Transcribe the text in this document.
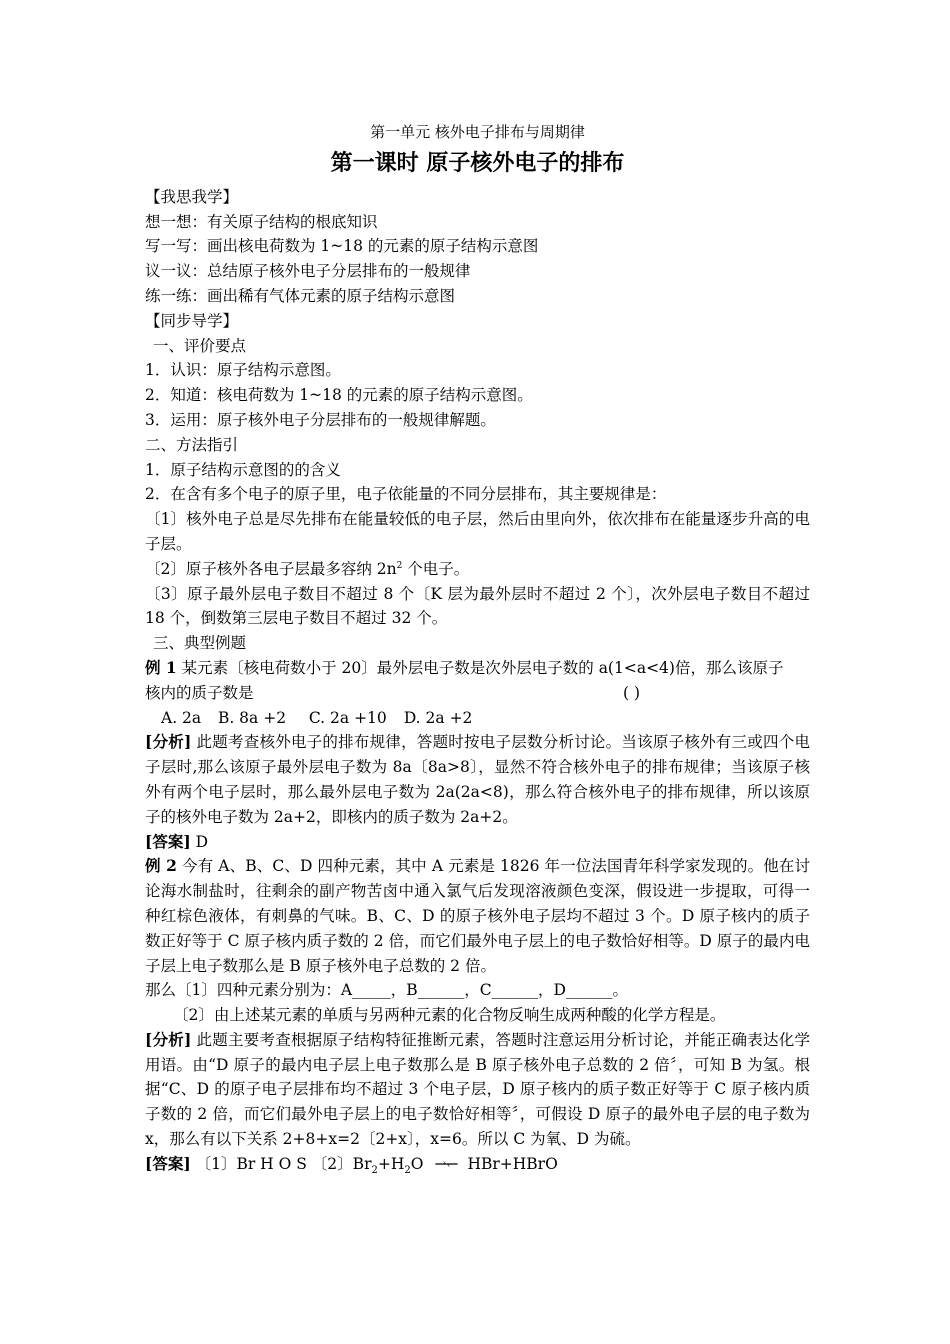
第一单元 核外电子排布与周期律
第一课时 原子核外电子的排布
【我思我学】
想一想：有关原子结构的根底知识
写一写：画出核电荷数为 1~18 的元素的原子结构示意图
议一议：总结原子核外电子分层排布的一般规律
练一练：画出稀有气体元素的原子结构示意图
【同步导学】
一、评价要点
1．认识：原子结构示意图。
2．知道：核电荷数为 1~18 的元素的原子结构示意图。
3．运用：原子核外电子分层排布的一般规律解题。
二、方法指引
1．原子结构示意图的的含义
2．在含有多个电子的原子里，电子依能量的不同分层排布，其主要规律是：
〔1〕核外电子总是尽先排布在能量较低的电子层，然后由里向外，依次排布在能量逐步升高的电子层。
〔2〕原子核外各电子层最多容纳 $2n^2$ 个电子。
〔3〕原子最外层电子数目不超过 8 个〔K 层为最外层时不超过 2 个〕，次外层电子数目不超过 18 个，倒数第三层电子数目不超过 32 个。
三、典型例题
例 1 某元素〔核电荷数小于 20〕最外层电子数是次外层电子数的 a(1<a<4)倍，那么该原子
核内的质子数是	( )
A. 2a B. 8a +2 C. 2a +10 D. 2a +2
[分析] 此题考查核外电子的排布规律，答题时按电子层数分析讨论。当该原子核外有三或四个电子层时,那么该原子最外层电子数为 8a〔8a>8〕，显然不符合核外电子的排布规律；当该原子核外有两个电子层时，那么最外层电子数为 2a(2a<8)，那么符合核外电子的排布规律，所以该原子的核外电子数为 2a+2，即核内的质子数为 2a+2。
[答案] D
例 2 今有 A、B、C、D 四种元素，其中 A 元素是 1826 年一位法国青年科学家发现的。他在讨论海水制盐时，往剩余的副产物苦卤中通入氯气后发现溶液颜色变深，假设进一步提取，可得一种红棕色液体，有刺鼻的气味。B、C、D 的原子核外电子层均不超过 3 个。D 原子核内的质子数正好等于 C 原子核内质子数的 2 倍，而它们最外电子层上的电子数恰好相等。D 原子的最内电子层上电子数那么是 B 原子核外电子总数的 2 倍。
那么〔1〕四种元素分别为：A_____，B______，C______，D______。
〔2〕由上述某元素的单质与另两种元素的化合物反响生成两种酸的化学方程是。
[分析] 此题主要考查根据原子结构特征推断元素，答题时注意运用分析讨论，并能正确表达化学用语。由“D 原子的最内电子层上电子数那么是 B 原子核外电子总数的 2 倍〞，可知 B 为氢。根据“C、D 的原子电子层排布均不超过 3 个电子层，D 原子核内的质子数正好等于 C 原子核内质子数的 2 倍，而它们最外电子层上的电子数恰好相等〞，可假设 D 原子的最外电子层的电子数为 x，那么有以下关系 2+8+x=2〔2+x〕，x=6。所以 C 为氧、D 为硫。
[答案] 〔1〕Br H O S 〔2〕$Br_2+H_2O$ ⇀↽ HBr+HBrO
